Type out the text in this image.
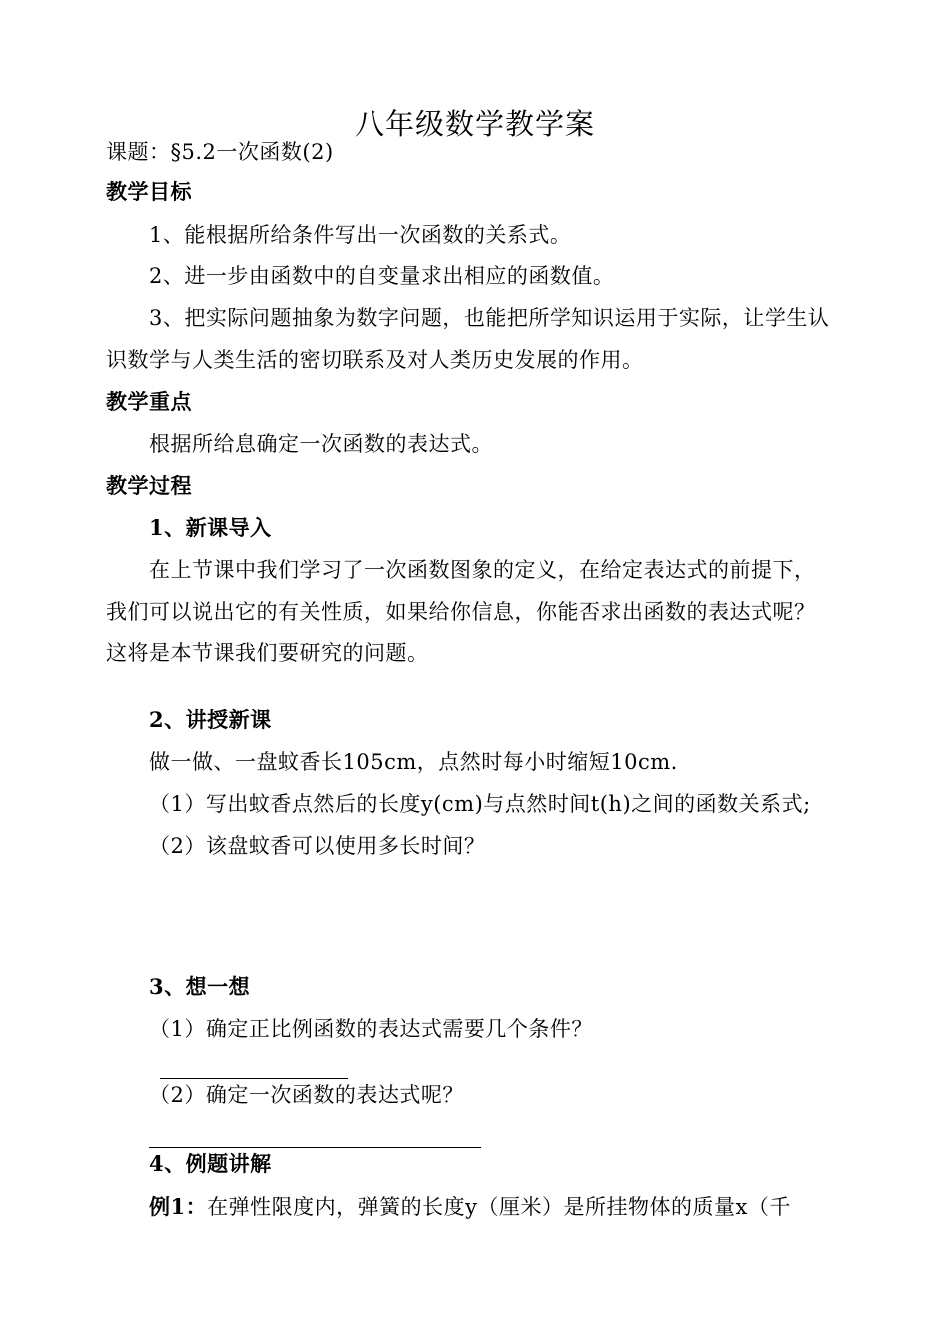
八年级数学教学案
课题：§5.2一次函数(2)
教学目标
1、能根据所给条件写出一次函数的关系式。
2、进一步由函数中的自变量求出相应的函数值。
3、把实际问题抽象为数字问题，也能把所学知识运用于实际，让学生认
识数学与人类生活的密切联系及对人类历史发展的作用。
教学重点
根据所给息确定一次函数的表达式。
教学过程
1、新课导入
在上节课中我们学习了一次函数图象的定义，在给定表达式的前提下，
我们可以说出它的有关性质，如果给你信息，你能否求出函数的表达式呢？
这将是本节课我们要研究的问题。
2、讲授新课
做一做、一盘蚊香长105cm，点然时每小时缩短10cm.
（1）写出蚊香点然后的长度y(cm)与点然时间t(h)之间的函数关系式;
（2）该盘蚊香可以使用多长时间？
3、想一想
（1）确定正比例函数的表达式需要几个条件？
（2）确定一次函数的表达式呢？
4、例题讲解
例1：在弹性限度内，弹簧的长度y（厘米）是所挂物体的质量x（千
